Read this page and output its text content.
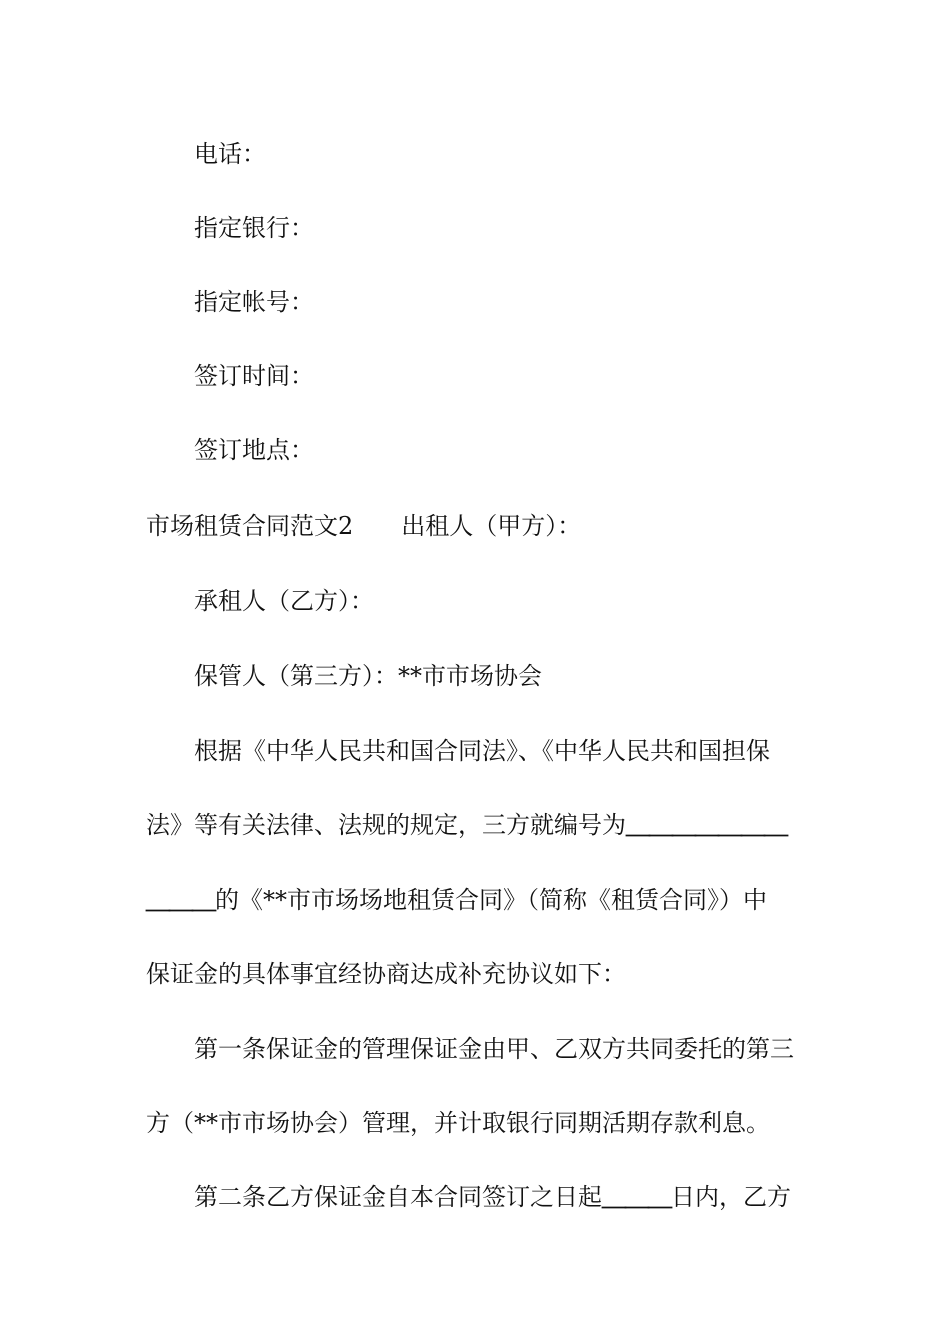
电话：
指定银行：
指定帐号：
签订时间：
签订地点：
市场租赁合同范文2 出租人（甲方）：
承租人（乙方）：
保管人（第三方）：**市市场协会
根据《中华人民共和国合同法》、《中华人民共和国担保
法》等有关法律、法规的规定，三方就编号为＿＿＿＿＿＿＿
＿＿＿的《**市市场场地租赁合同》（简称《租赁合同》）中
保证金的具体事宜经协商达成补充协议如下：
第一条保证金的管理保证金由甲、乙双方共同委托的第三
方（**市市场协会）管理，并计取银行同期活期存款利息。
第二条乙方保证金自本合同签订之日起＿＿＿日内，乙方
